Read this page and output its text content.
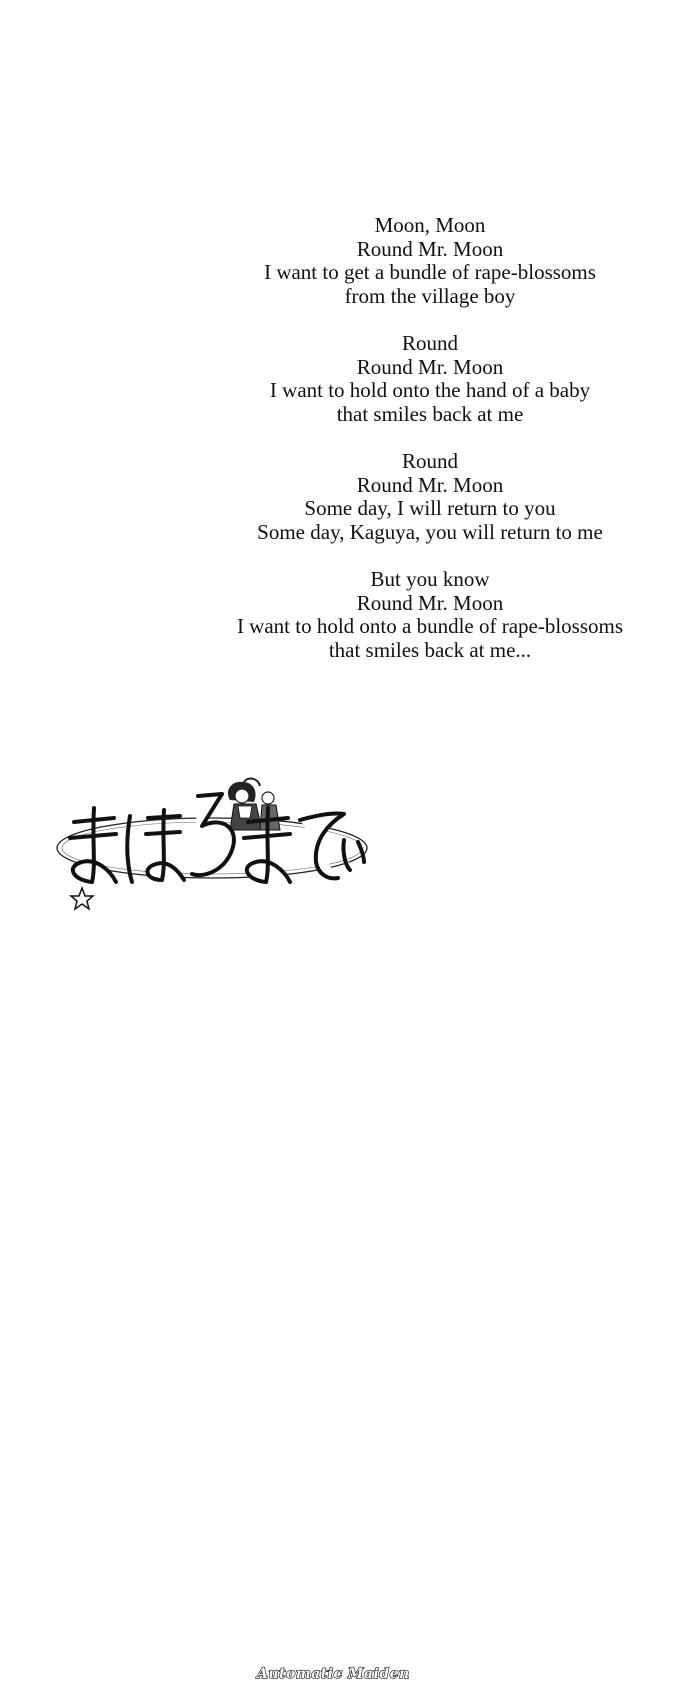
Moon, Moon
Round Mr. Moon
I want to get a bundle of rape-blossoms
from the village boy
Round
Round Mr. Moon
I want to hold onto the hand of a baby
that smiles back at me
Round
Round Mr. Moon
Some day, I will return to you
Some day, Kaguya, you will return to me
But you know
Round Mr. Moon
I want to hold onto a bundle of rape-blossoms
that smiles back at me...
Automatic Maiden
